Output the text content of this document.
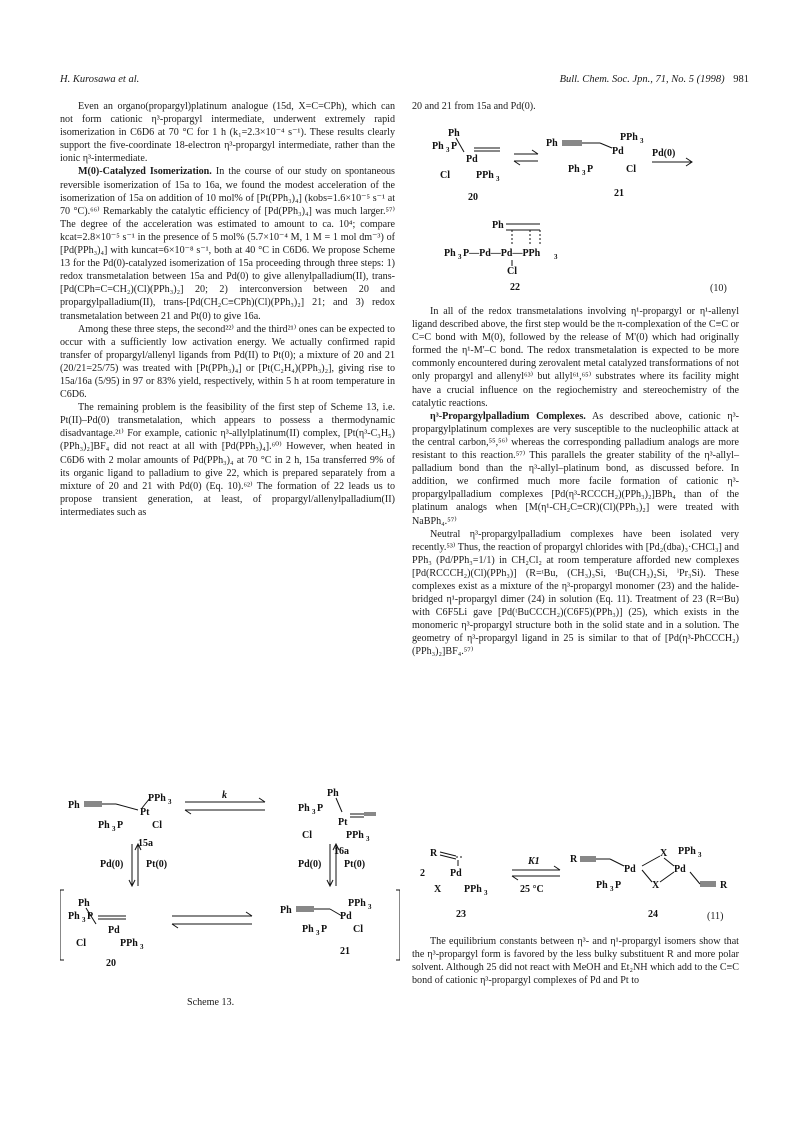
H. Kurosawa et al.	Bull. Chem. Soc. Jpn., 71, No. 5 (1998) 981

Even an organo(propargyl)platinum analogue (15d, X=C=CPh), which can not form cationic η³-propargyl intermediate, underwent extremely rapid isomerization in C6D6 at 70 °C for 1 h (k₁=2.3×10⁻⁴ s⁻¹). These results clearly support the five-coordinate 18-electron η³-propargyl intermediate, rather than the ionic η³-intermediate.

M(0)-Catalyzed Isomerization. In the course of our study on spontaneous reversible isomerization of 15a to 16a, we found the modest acceleration of the isomerization of 15a on addition of 10 mol% of [Pt(PPh₃)₄] (kobs=1.6×10⁻⁵ s⁻¹ at 70 °C).⁶⁶⁾ Remarkably the catalytic efficiency of [Pd(PPh₃)₄] was much larger.⁵⁷⁾ The degree of the acceleration was estimated to amount to ca. 10⁴; compare kcat=2.8×10⁻⁵ s⁻¹ in the presence of 5 mol% (5.7×10⁻⁴ M, 1 M = 1 mol dm⁻³) of [Pd(PPh₃)₄] with kuncat=6×10⁻⁸ s⁻¹, both at 40 °C in C6D6. We propose Scheme 13 for the Pd(0)-catalyzed isomerization of 15a proceeding through three steps: 1) redox transmetalation between 15a and Pd(0) to give allenylpalladium(II), trans-[Pd(CPh=C=CH₂)(Cl)(PPh₃)₂] 20; 2) interconversion between 20 and propargylpalladium(II), trans-[Pd(CH₂C≡CPh)(Cl)(PPh₃)₂] 21; and 3) redox transmetalation between 21 and Pt(0) to give 16a.

Among these three steps, the second²²⁾ and the third²¹⁾ ones can be expected to occur with a sufficiently low activation energy. We actually confirmed rapid transfer of propargyl/allenyl ligands from Pd(II) to Pt(0); a mixture of 20 and 21 (20/21=25/75) was treated with [Pt(PPh₃)₄] or [Pt(C₂H₄)(PPh₃)₂], giving rise to 15a/16a (5/95) in 97 or 83% yield, respectively, within 5 h at room temperature in C6D6.

The remaining problem is the feasibility of the first step of Scheme 13, i.e. Pt(II)–Pd(0) transmetalation, which appears to possess a thermodynamic disadvantage.²¹⁾ For example, cationic η³-allylplatinum(II) complex, [Pt(η³-C₃H₅)(PPh₃)₂]BF₄ did not react at all with [Pd(PPh₃)₄].⁶⁰⁾ However, when heated in C6D6 with 2 molar amounts of Pd(PPh₃)₄ at 70 °C in 2 h, 15a transferred 9% of its organic ligand to palladium to give 22, which is prepared separately from a mixture of 20 and 21 with Pd(0) (Eq. 10).⁶²⁾ The formation of 22 leads us to propose transient generation, at least, of propargyl/allenylpalladium(II) intermediates such as

Ph
PPh 3
Pt
Ph 3 P	Cl
Ph
Ph 3 P
Pt
Cl	PPh 3
Pd(0) Pt(0)	Pd(0) Pt(0)
Ph
Ph 3 P
Pd
Cl	PPh 3
Ph
PPh 3
Pd
Ph 3 P	Cl
15a
16a
20
21
k
Scheme 13.

20 and 21 from 15a and Pd(0).

Ph
Ph 3 P
Pd
Cl	PPh 3
Ph
PPh 3
Pd
Ph 3 P	Cl
Pd(0)
Ph
Ph 3 P—Pd—Pd—PPh 3
Cl
20	21
22	(10)

In all of the redox transmetalations involving η¹-propargyl or η¹-allenyl ligand described above, the first step would be the π-complexation of the C≡C or C=C bond with M(0), followed by the release of M'(0) which had originally formed the η¹-M'–C bond. The redox transmetalation is expected to be more commonly encountered during zerovalent metal catalyzed transformations of not only propargyl and allenyl⁶³⁾ but allyl⁶¹,⁶⁵⁾ substrates where its facility might have a crucial influence on the regiochemistry and stereochemistry of the catalytic reactions.

η³-Propargylpalladium Complexes. As described above, cationic η³-propargylplatinum complexes are very susceptible to the nucleophilic attack at the central carbon,⁵⁵,⁵⁶⁾ whereas the corresponding palladium analogs are more resistant to this reaction.⁵⁷⁾ This parallels the greater stability of the η³-allyl–palladium bond than the η³-allyl–platinum bond, as discussed before. In addition, we confirmed much more facile formation of cationic η³-propargylpalladium complexes [Pd(η³-RCCCH₂)(PPh₃)₂]BPh₄ than of the platinum analogs when [M(η¹-CH₂C≡CR)(Cl)(PPh₃)₂] were treated with NaBPh₄.⁵⁷⁾

Neutral η³-propargylpalladium complexes have been isolated very recently.⁵³⁾ Thus, the reaction of propargyl chlorides with [Pd₂(dba)₃·CHCl₃] and PPh₃ (Pd/PPh₃=1/1) in CH₂Cl₂ at room temperature afforded new complexes [Pd(RCCCH₂)(Cl)(PPh₃)] (R=ᵗBu, (CH₃)₃Si, ᵗBu(CH₃)₂Si, ⁱPr₃Si). These complexes exist as a mixture of the η³-propargyl monomer (23) and the halide-bridged η¹-propargyl dimer (24) in solution (Eq. 11). Treatment of 23 (R=ᵗBu) with C6F5Li gave [Pd(ᵗBuCCCH₂)(C6F5)(PPh₃)] (25), which exists in the monomeric η³-propargyl structure both in the solid state and in a solution. The geometry of η³-propargyl ligand in 25 is similar to that of [Pd(η³-PhCCCH₂)(PPh₃)₂]BF₄.⁵⁷⁾

R
2	Pd
X PPh 3
K1
25 °C
R
X PPh 3
Pd	Pd
Ph 3 P	X	R
23	24	(11)

The equilibrium constants between η³- and η¹-propargyl isomers show that the η³-propargyl form is favored by the less bulky substituent R and more polar solvent. Although 25 did not react with MeOH and Et₂NH which add to the C≡C bond of cationic η³-propargyl complexes of Pd and Pt to
